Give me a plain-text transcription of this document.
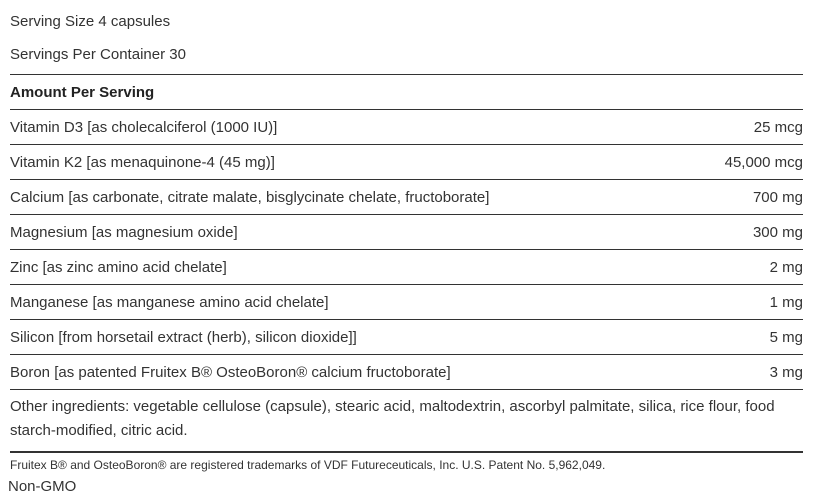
Serving Size 4 capsules
Servings Per Container 30
Amount Per Serving
Vitamin D3 [as cholecalciferol (1000 IU)]	25 mcg
Vitamin K2 [as menaquinone-4 (45 mg)]	45,000 mcg
Calcium [as carbonate, citrate malate, bisglycinate chelate, fructoborate]	700 mg
Magnesium [as magnesium oxide]	300 mg
Zinc [as zinc amino acid chelate]	2 mg
Manganese [as manganese amino acid chelate]	1 mg
Silicon [from horsetail extract (herb), silicon dioxide]]	5 mg
Boron [as patented Fruitex B® OsteoBoron® calcium fructoborate]	3 mg
Other ingredients: vegetable cellulose (capsule), stearic acid, maltodextrin, ascorbyl palmitate, silica, rice flour, food starch-modified, citric acid.
Fruitex B® and OsteoBoron® are registered trademarks of VDF Futureceuticals, Inc. U.S. Patent No. 5,962,049.
Non-GMO
